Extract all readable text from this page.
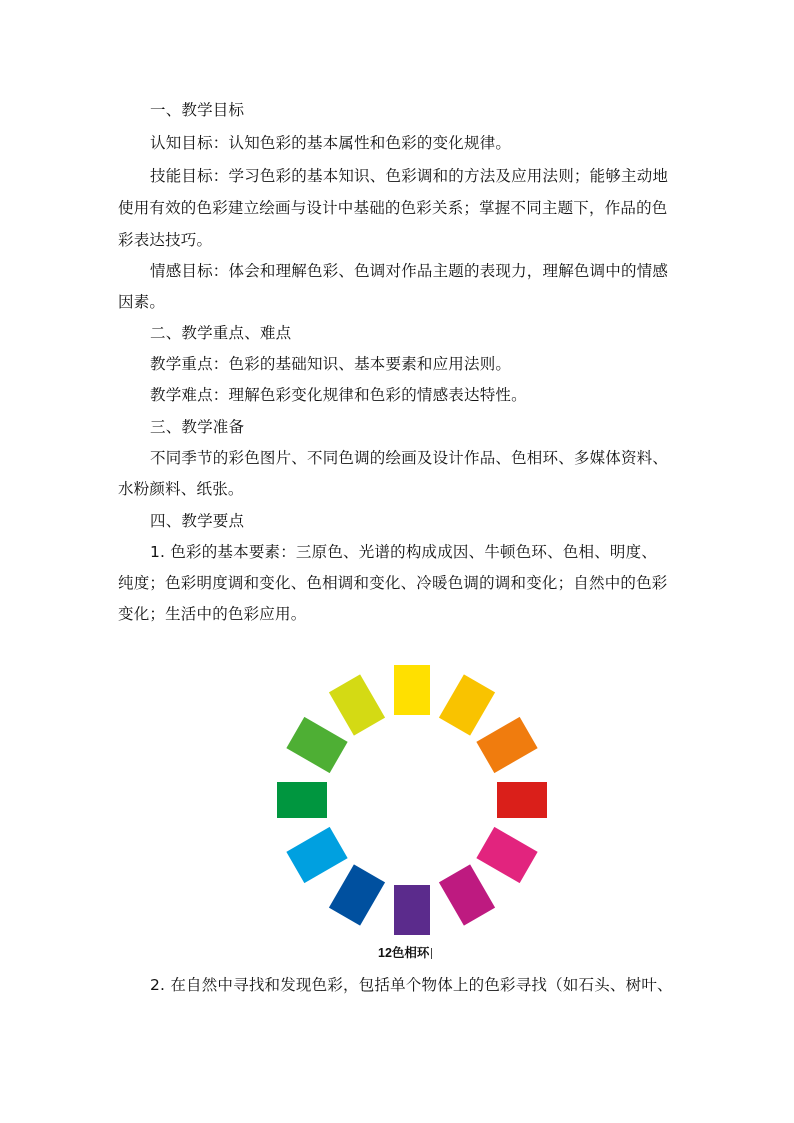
一、教学目标
认知目标：认知色彩的基本属性和色彩的变化规律。
技能目标：学习色彩的基本知识、色彩调和的方法及应用法则；能够主动地
使用有效的色彩建立绘画与设计中基础的色彩关系；掌握不同主题下，作品的色
彩表达技巧。
情感目标：体会和理解色彩、色调对作品主题的表现力，理解色调中的情感
因素。
二、教学重点、难点
教学重点：色彩的基础知识、基本要素和应用法则。
教学难点：理解色彩变化规律和色彩的情感表达特性。
三、教学准备
不同季节的彩色图片、不同色调的绘画及设计作品、色相环、多媒体资料、
水粉颜料、纸张。
四、教学要点
1. 色彩的基本要素：三原色、光谱的构成成因、牛顿色环、色相、明度、
纯度；色彩明度调和变化、色相调和变化、冷暖色调的调和变化；自然中的色彩
变化；生活中的色彩应用。
12色相环
2. 在自然中寻找和发现色彩，包括单个物体上的色彩寻找（如石头、树叶、
